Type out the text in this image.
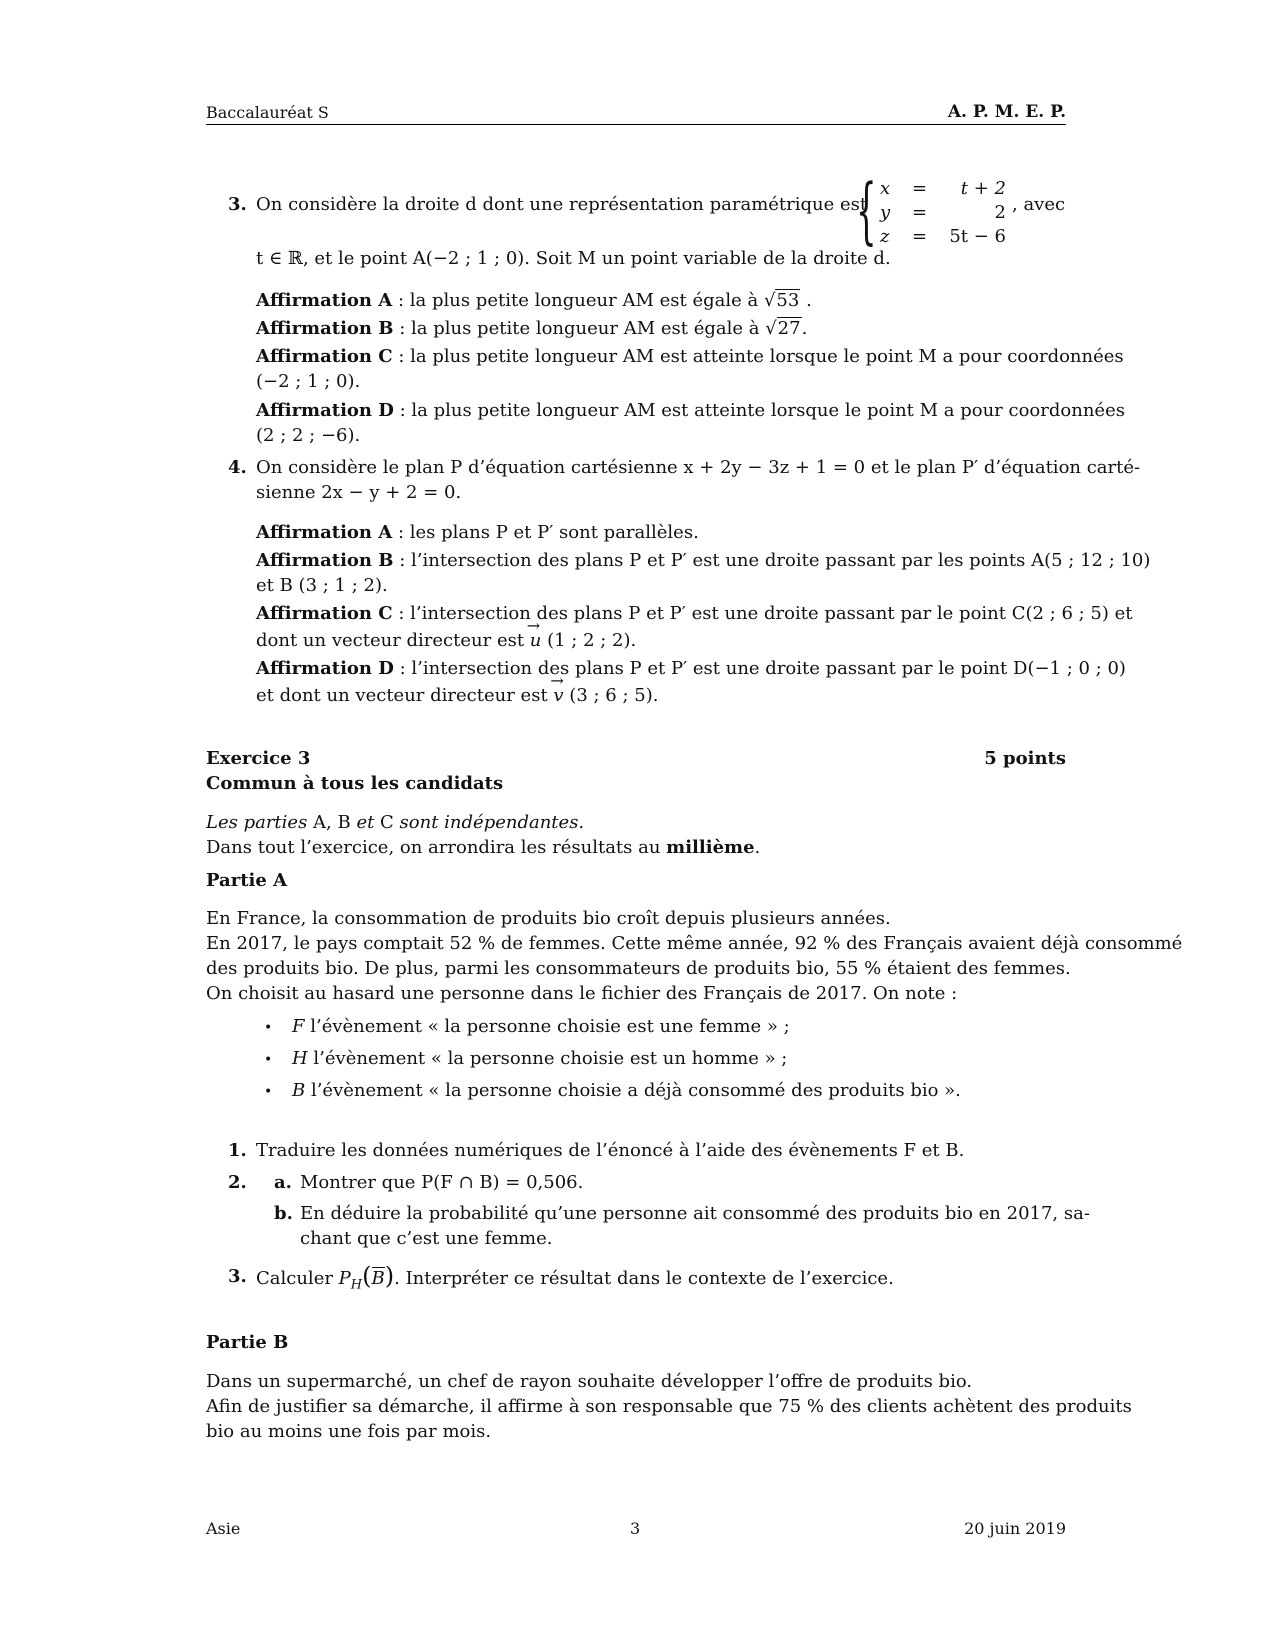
Baccalauréat S	A. P. M. E. P.
3. On considère la droite d dont une représentation paramétrique est
{ x = t + 2
y =	2
z = 5t − 6
, avec
t ∈ ℝ, et le point A(−2 ; 1 ; 0). Soit M un point variable de la droite d.
Affirmation A : la plus petite longueur AM est égale à √53 .
Affirmation B : la plus petite longueur AM est égale à √27.
Affirmation C : la plus petite longueur AM est atteinte lorsque le point M a pour coordonnées
(−2 ; 1 ; 0).
Affirmation D : la plus petite longueur AM est atteinte lorsque le point M a pour coordonnées
(2 ; 2 ; −6).
4. On considère le plan P d’équation cartésienne x + 2y − 3z + 1 = 0 et le plan P′ d’équation carté-
sienne 2x − y + 2 = 0.
Affirmation A : les plans P et P′ sont parallèles.
Affirmation B : l’intersection des plans P et P′ est une droite passant par les points A(5 ; 12 ; 10)
et B (3 ; 1 ; 2).
Affirmation C : l’intersection des plans P et P′ est une droite passant par le point C(2 ; 6 ; 5) et
dont un vecteur directeur est → u (1 ; 2 ; 2).
Affirmation D : l’intersection des plans P et P′ est une droite passant par le point D(−1 ; 0 ; 0)
et dont un vecteur directeur est → v (3 ; 6 ; 5).
Exercice 3	5 points
Commun à tous les candidats
Les parties A, B et C sont indépendantes.
Dans tout l’exercice, on arrondira les résultats au millième.
Partie A
En France, la consommation de produits bio croît depuis plusieurs années.
En 2017, le pays comptait 52 % de femmes. Cette même année, 92 % des Français avaient déjà consommé
des produits bio. De plus, parmi les consommateurs de produits bio, 55 % étaient des femmes.
On choisit au hasard une personne dans le fichier des Français de 2017. On note :
• F l’évènement « la personne choisie est une femme » ;
• H l’évènement « la personne choisie est un homme » ;
• B l’évènement « la personne choisie a déjà consommé des produits bio ».
1. Traduire les données numériques de l’énoncé à l’aide des évènements F et B.
2. a. Montrer que P(F ∩ B) = 0,506.
b. En déduire la probabilité qu’une personne ait consommé des produits bio en 2017, sa-
chant que c’est une femme.
3. Calculer $P_H(B)$. Interpréter ce résultat dans le contexte de l’exercice.
Partie B
Dans un supermarché, un chef de rayon souhaite développer l’offre de produits bio.
Afin de justifier sa démarche, il affirme à son responsable que 75 % des clients achètent des produits
bio au moins une fois par mois.
Asie	3	20 juin 2019
